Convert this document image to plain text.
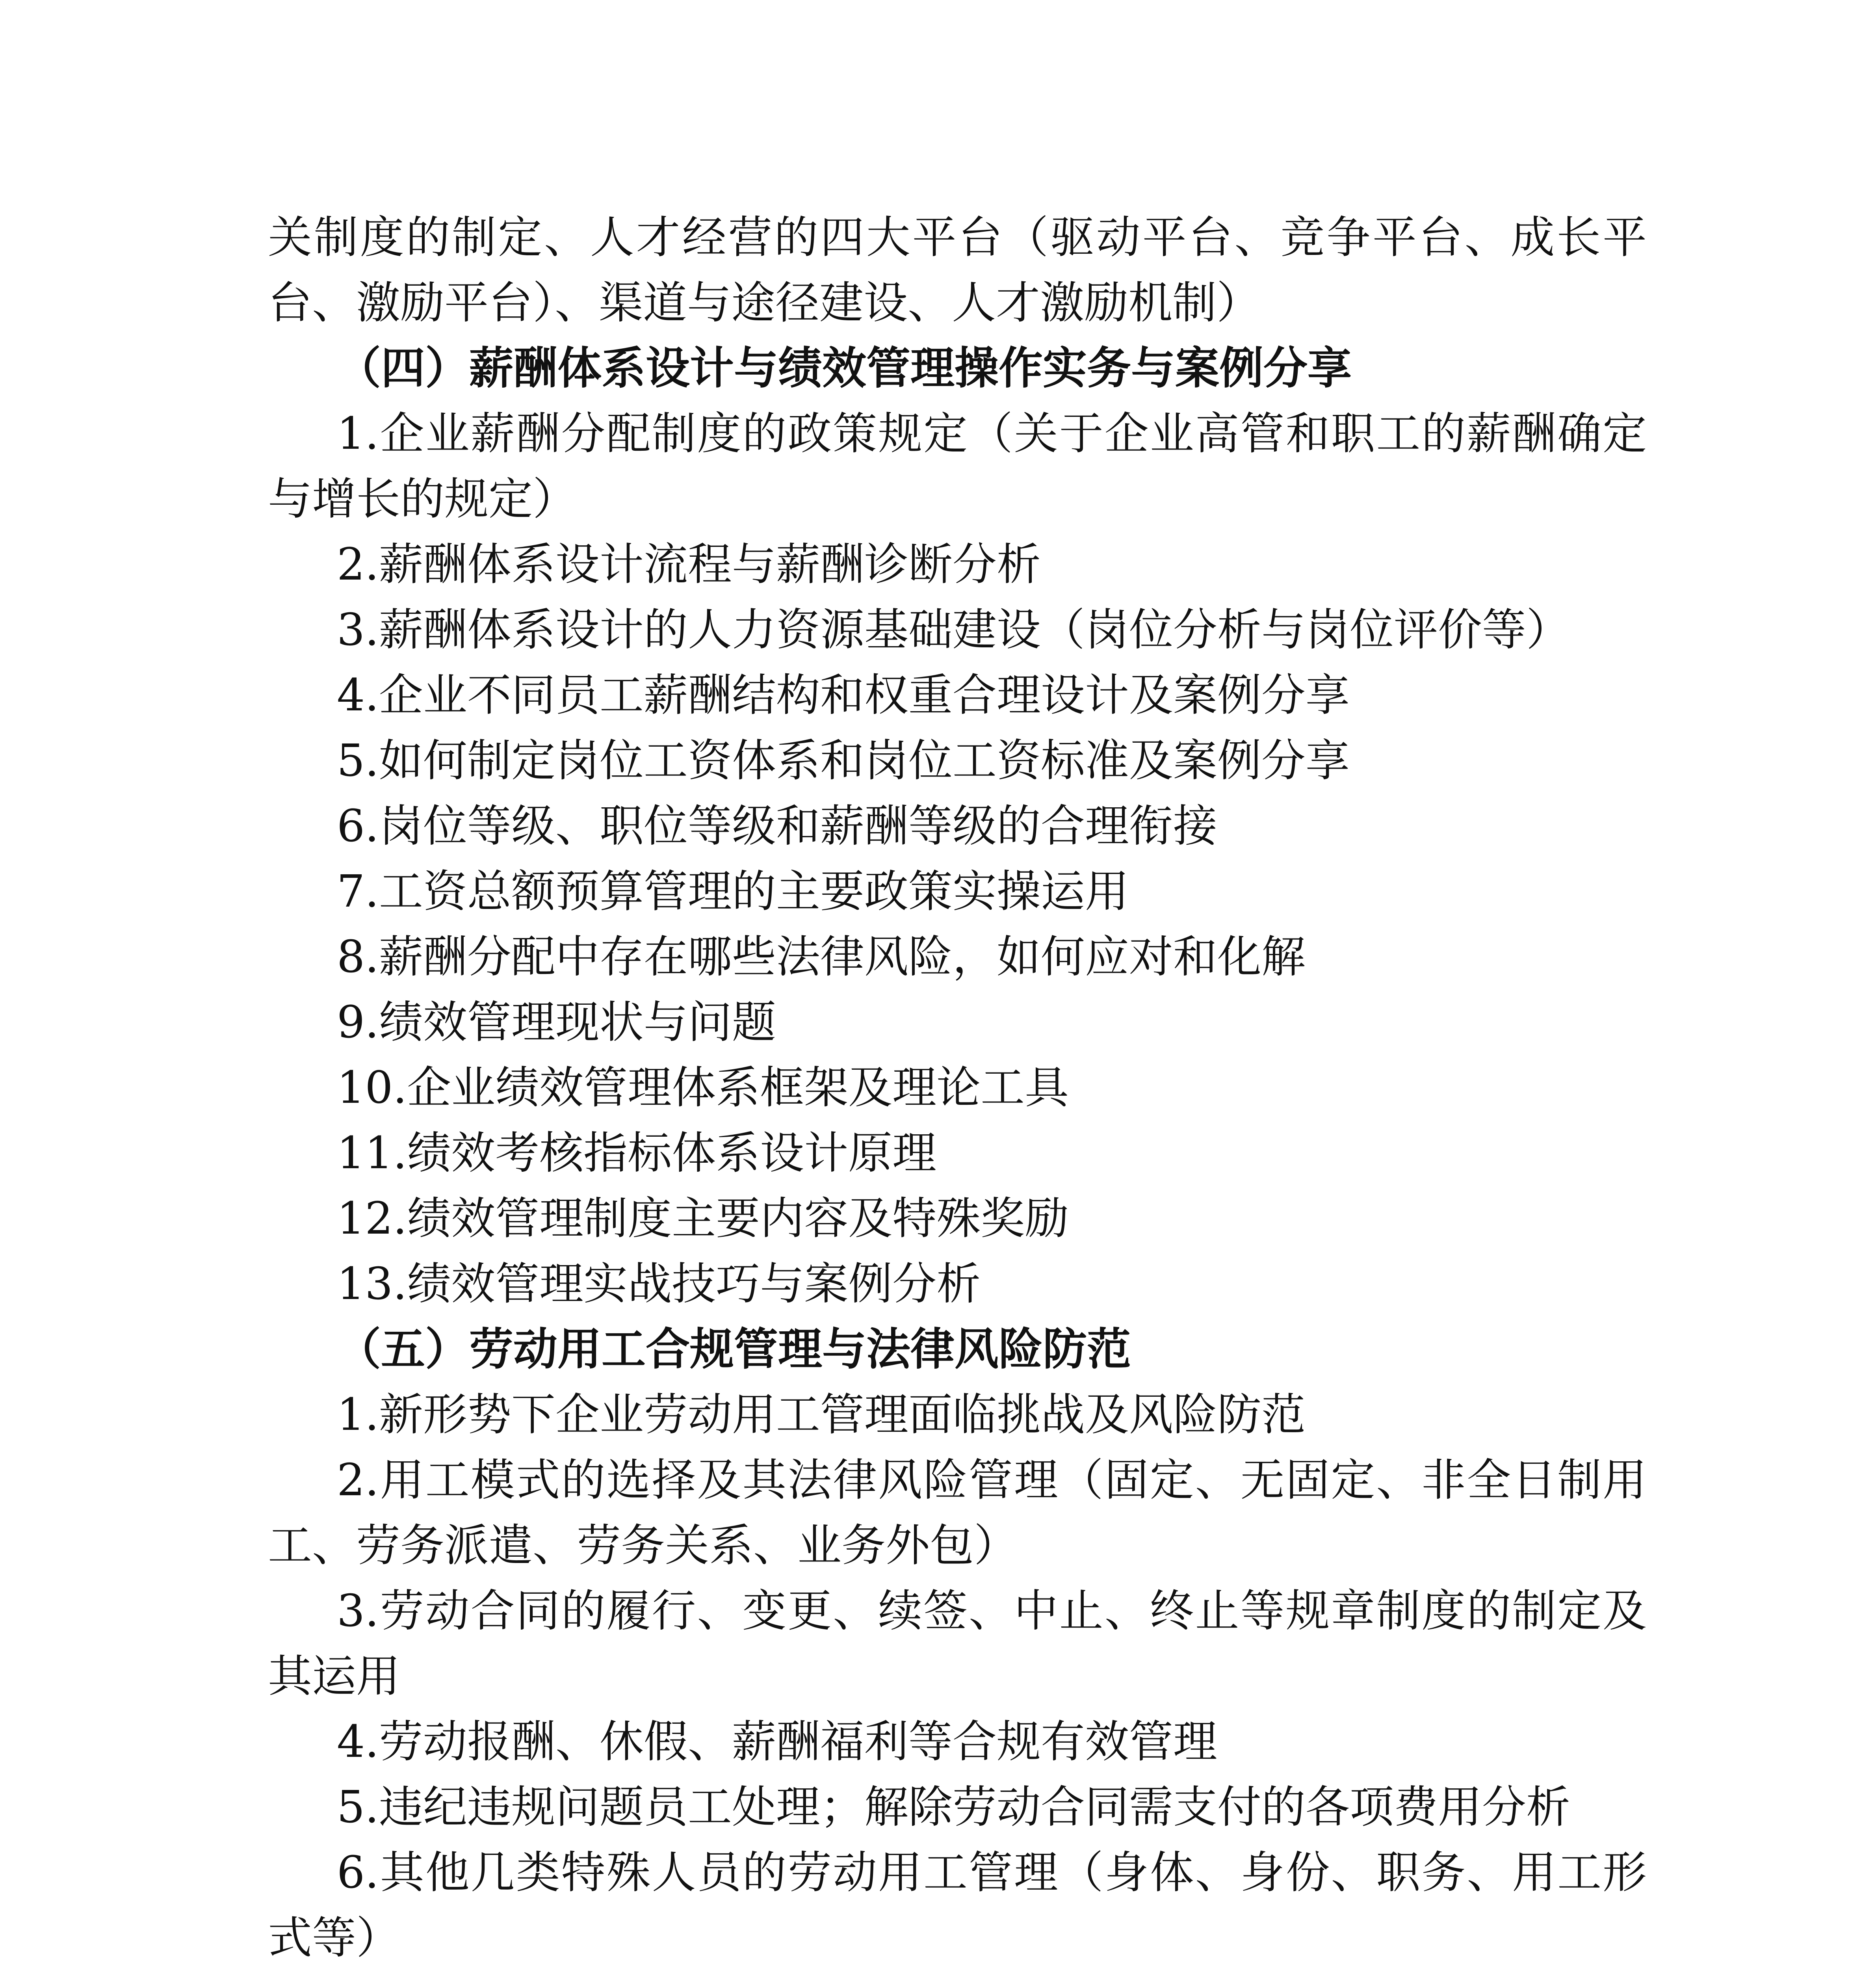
关制度的制定、人才经营的四大平台（驱动平台、竞争平台、成长平台、激励平台）、渠道与途径建设、人才激励机制）

（四）薪酬体系设计与绩效管理操作实务与案例分享

1.企业薪酬分配制度的政策规定（关于企业高管和职工的薪酬确定与增长的规定）

2.薪酬体系设计流程与薪酬诊断分析

3.薪酬体系设计的人力资源基础建设（岗位分析与岗位评价等）

4.企业不同员工薪酬结构和权重合理设计及案例分享

5.如何制定岗位工资体系和岗位工资标准及案例分享

6.岗位等级、职位等级和薪酬等级的合理衔接

7.工资总额预算管理的主要政策实操运用

8.薪酬分配中存在哪些法律风险，如何应对和化解

9.绩效管理现状与问题

10.企业绩效管理体系框架及理论工具

11.绩效考核指标体系设计原理

12.绩效管理制度主要内容及特殊奖励

13.绩效管理实战技巧与案例分析

（五）劳动用工合规管理与法律风险防范

1.新形势下企业劳动用工管理面临挑战及风险防范

2.用工模式的选择及其法律风险管理（固定、无固定、非全日制用工、劳务派遣、劳务关系、业务外包）

3.劳动合同的履行、变更、续签、中止、终止等规章制度的制定及其运用

4.劳动报酬、休假、薪酬福利等合规有效管理

5.违纪违规问题员工处理；解除劳动合同需支付的各项费用分析

6.其他几类特殊人员的劳动用工管理（身体、身份、职务、用工形式等）
